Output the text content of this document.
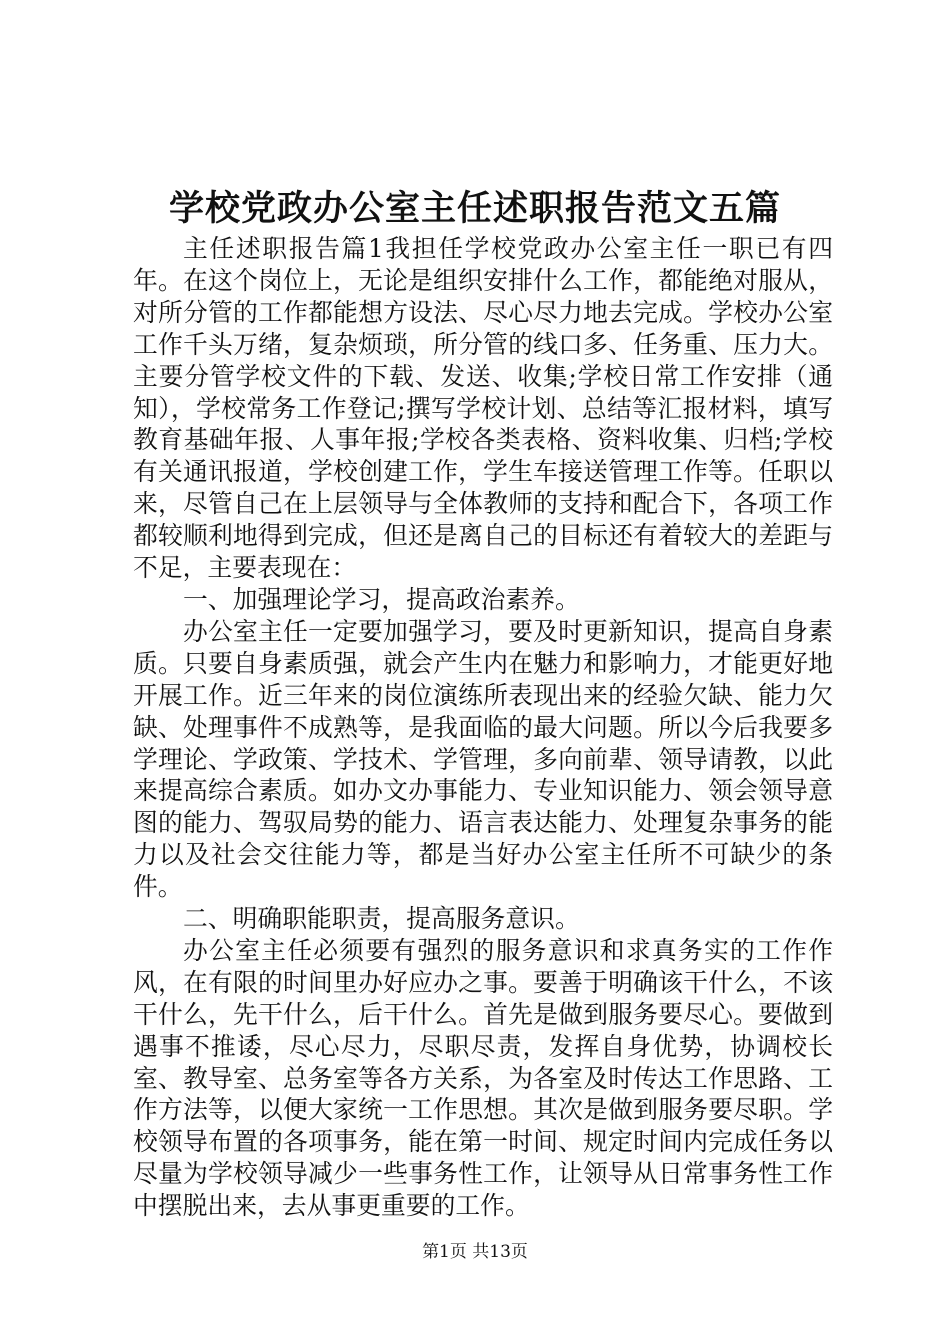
学校党政办公室主任述职报告范文五篇

主任述职报告篇1我担任学校党政办公室主任一职已有四年。在这个岗位上，无论是组织安排什么工作，都能绝对服从，对所分管的工作都能想方设法、尽心尽力地去完成。学校办公室工作千头万绪，复杂烦琐，所分管的线口多、任务重、压力大。主要分管学校文件的下载、发送、收集;学校日常工作安排（通知），学校常务工作登记;撰写学校计划、总结等汇报材料，填写教育基础年报、人事年报;学校各类表格、资料收集、归档;学校有关通讯报道，学校创建工作，学生车接送管理工作等。任职以来，尽管自己在上层领导与全体教师的支持和配合下，各项工作都较顺利地得到完成，但还是离自己的目标还有着较大的差距与不足，主要表现在：

一、加强理论学习，提高政治素养。

办公室主任一定要加强学习，要及时更新知识，提高自身素质。只要自身素质强，就会产生内在魅力和影响力，才能更好地开展工作。近三年来的岗位演练所表现出来的经验欠缺、能力欠缺、处理事件不成熟等，是我面临的最大问题。所以今后我要多学理论、学政策、学技术、学管理，多向前辈、领导请教，以此来提高综合素质。如办文办事能力、专业知识能力、领会领导意图的能力、驾驭局势的能力、语言表达能力、处理复杂事务的能力以及社会交往能力等，都是当好办公室主任所不可缺少的条件。

二、明确职能职责，提高服务意识。

办公室主任必须要有强烈的服务意识和求真务实的工作作风，在有限的时间里办好应办之事。要善于明确该干什么，不该干什么，先干什么，后干什么。首先是做到服务要尽心。要做到遇事不推诿，尽心尽力，尽职尽责，发挥自身优势，协调校长室、教导室、总务室等各方关系，为各室及时传达工作思路、工作方法等，以便大家统一工作思想。其次是做到服务要尽职。学校领导布置的各项事务，能在第一时间、规定时间内完成任务以尽量为学校领导减少一些事务性工作，让领导从日常事务性工作中摆脱出来，去从事更重要的工作。

第1页 共13页
